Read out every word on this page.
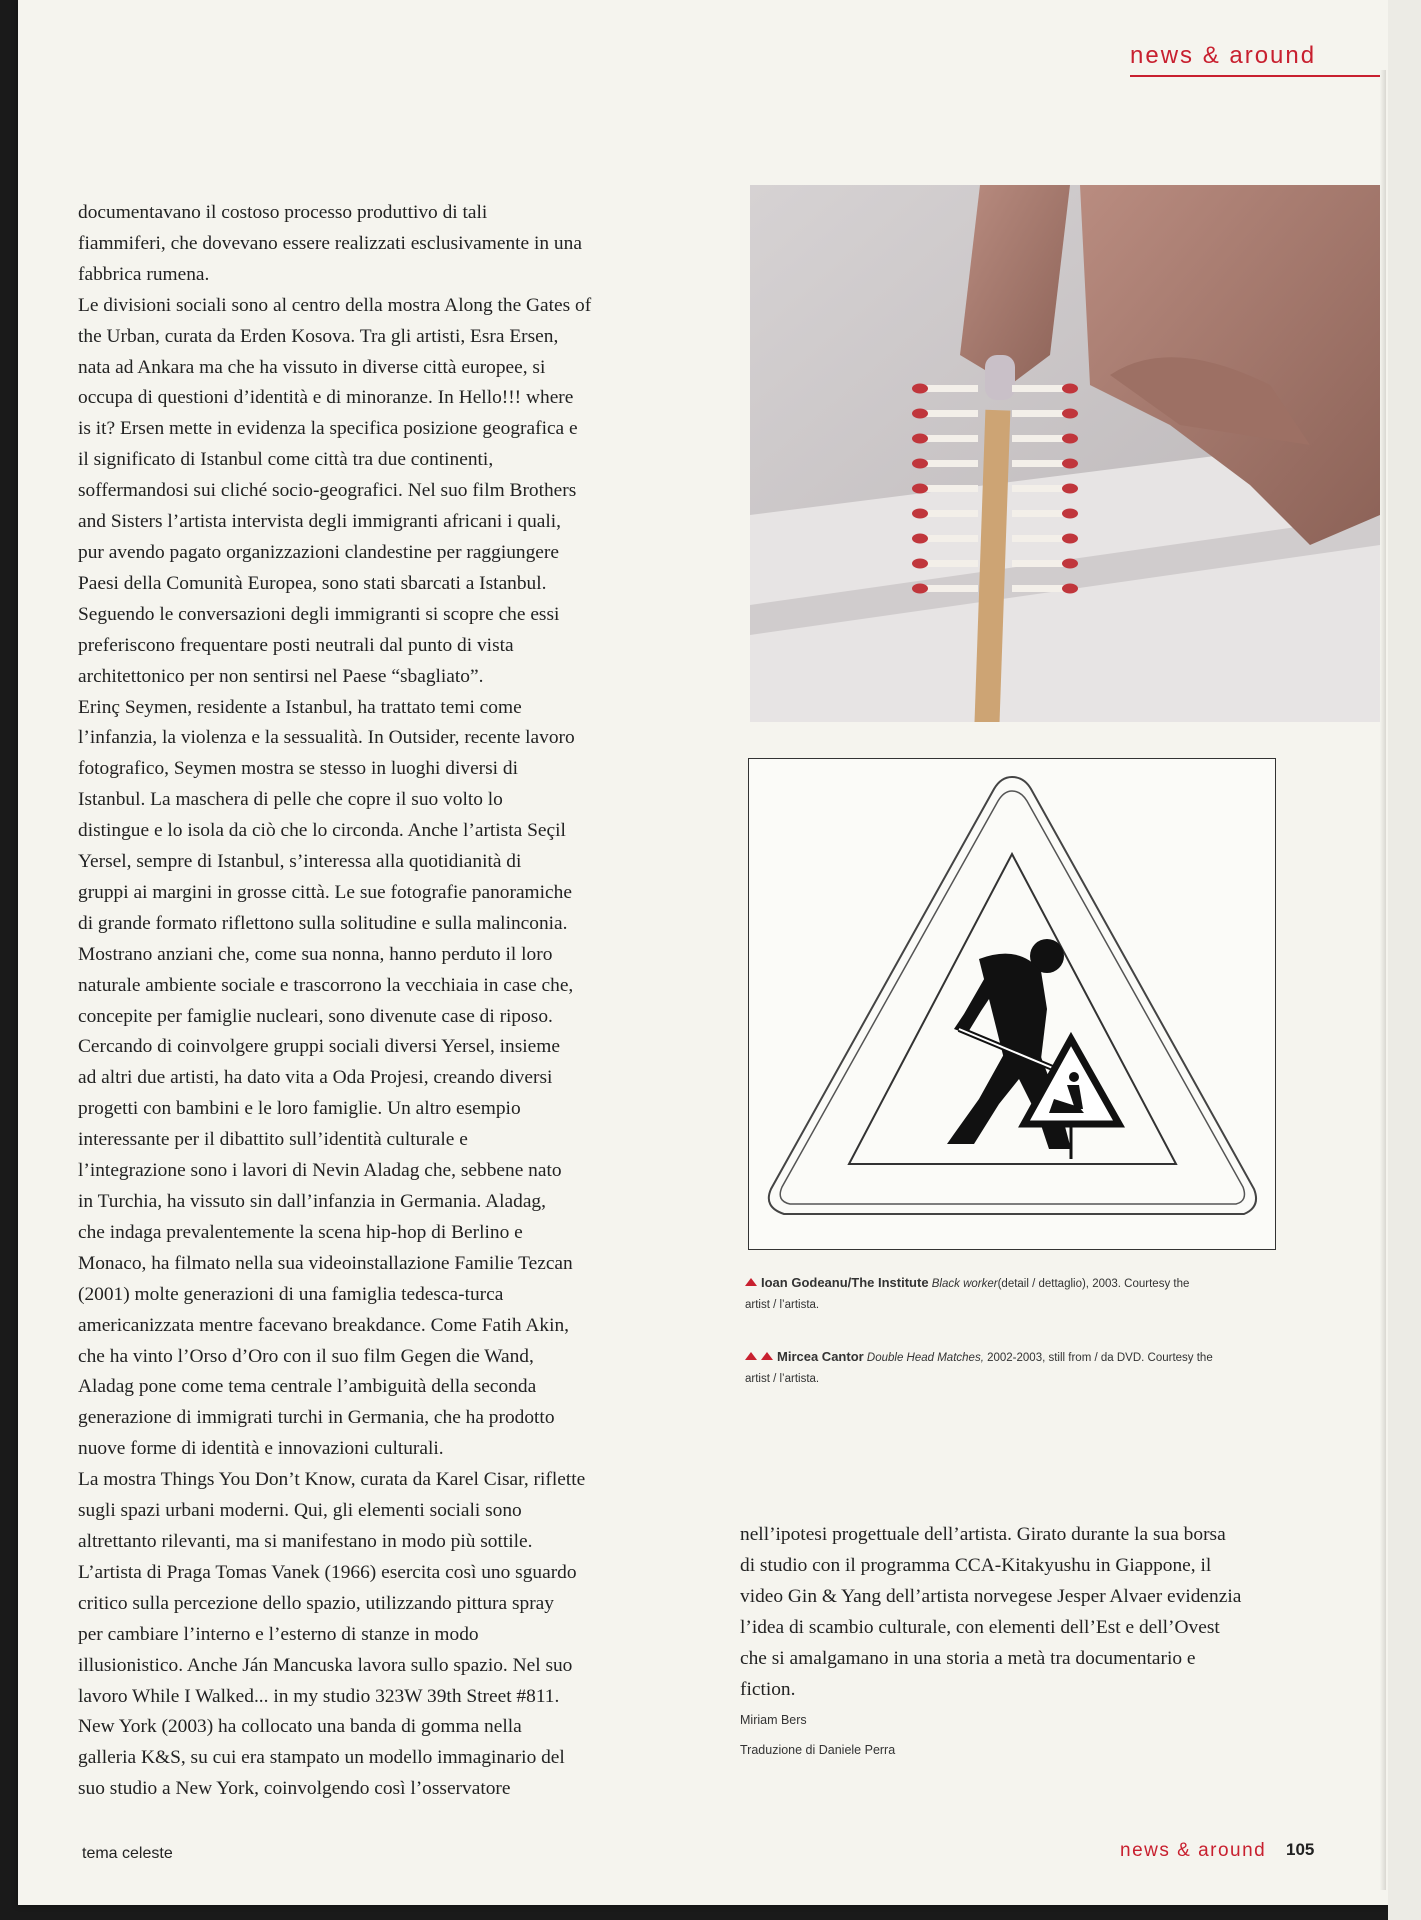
news & around
documentavano il costoso processo produttivo di tali
fiammiferi, che dovevano essere realizzati esclusivamente in una
fabbrica rumena.
Le divisioni sociali sono al centro della mostra Along the Gates of
the Urban, curata da Erden Kosova. Tra gli artisti, Esra Ersen,
nata ad Ankara ma che ha vissuto in diverse città europee, si
occupa di questioni d’identità e di minoranze. In Hello!!! where
is it? Ersen mette in evidenza la specifica posizione geografica e
il significato di Istanbul come città tra due continenti,
soffermandosi sui cliché socio-geografici. Nel suo film Brothers
and Sisters l’artista intervista degli immigranti africani i quali,
pur avendo pagato organizzazioni clandestine per raggiungere
Paesi della Comunità Europea, sono stati sbarcati a Istanbul.
Seguendo le conversazioni degli immigranti si scopre che essi
preferiscono frequentare posti neutrali dal punto di vista
architettonico per non sentirsi nel Paese “sbagliato”.
Erinç Seymen, residente a Istanbul, ha trattato temi come
l’infanzia, la violenza e la sessualità. In Outsider, recente lavoro
fotografico, Seymen mostra se stesso in luoghi diversi di
Istanbul. La maschera di pelle che copre il suo volto lo
distingue e lo isola da ciò che lo circonda. Anche l’artista Seçil
Yersel, sempre di Istanbul, s’interessa alla quotidianità di
gruppi ai margini in grosse città. Le sue fotografie panoramiche
di grande formato riflettono sulla solitudine e sulla malinconia.
Mostrano anziani che, come sua nonna, hanno perduto il loro
naturale ambiente sociale e trascorrono la vecchiaia in case che,
concepite per famiglie nucleari, sono divenute case di riposo.
Cercando di coinvolgere gruppi sociali diversi Yersel, insieme
ad altri due artisti, ha dato vita a Oda Projesi, creando diversi
progetti con bambini e le loro famiglie. Un altro esempio
interessante per il dibattito sull’identità culturale e
l’integrazione sono i lavori di Nevin Aladag che, sebbene nato
in Turchia, ha vissuto sin dall’infanzia in Germania. Aladag,
che indaga prevalentemente la scena hip-hop di Berlino e
Monaco, ha filmato nella sua videoinstallazione Familie Tezcan
(2001) molte generazioni di una famiglia tedesca-turca
americanizzata mentre facevano breakdance. Come Fatih Akin,
che ha vinto l’Orso d’Oro con il suo film Gegen die Wand,
Aladag pone come tema centrale l’ambiguità della seconda
generazione di immigrati turchi in Germania, che ha prodotto
nuove forme di identità e innovazioni culturali.
La mostra Things You Don’t Know, curata da Karel Cisar, riflette
sugli spazi urbani moderni. Qui, gli elementi sociali sono
altrettanto rilevanti, ma si manifestano in modo più sottile.
L’artista di Praga Tomas Vanek (1966) esercita così uno sguardo
critico sulla percezione dello spazio, utilizzando pittura spray
per cambiare l’interno e l’esterno di stanze in modo
illusionistico. Anche Ján Mancuska lavora sullo spazio. Nel suo
lavoro While I Walked... in my studio 323W 39th Street #811.
New York (2003) ha collocato una banda di gomma nella
galleria K&S, su cui era stampato un modello immaginario del
suo studio a New York, coinvolgendo così l’osservatore
Ioan Godeanu/The Institute Black worker(detail / dettaglio), 2003. Courtesy the
artist / l’artista.
Mircea Cantor Double Head Matches, 2002-2003, still from / da DVD. Courtesy the
artist / l’artista.
nell’ipotesi progettuale dell’artista. Girato durante la sua borsa
di studio con il programma CCA-Kitakyushu in Giappone, il
video Gin & Yang dell’artista norvegese Jesper Alvaer evidenzia
l’idea di scambio culturale, con elementi dell’Est e dell’Ovest
che si amalgamano in una storia a metà tra documentario e
fiction.
Miriam Bers
Traduzione di Daniele Perra
tema celeste	news & around 105
